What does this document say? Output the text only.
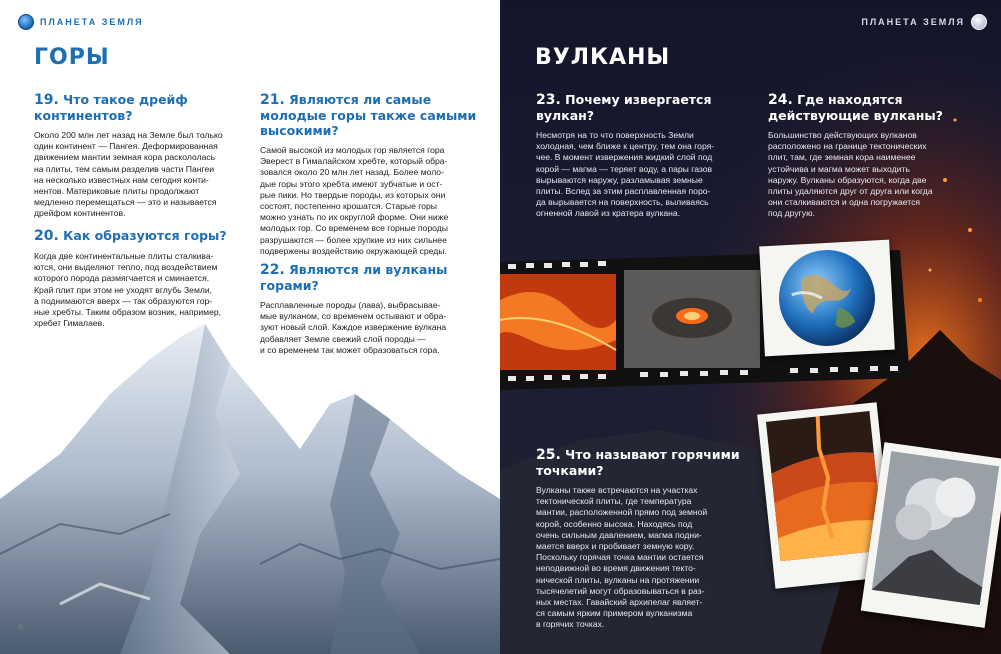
ПЛАНЕТА ЗЕМЛЯ
ГОРЫ

19. Что такое дрейф континентов?

Около 200 млн лет назад на Земле был только
один континент — Пангея. Деформированная
движением мантии земная кора раскололась
на плиты, тем самым разделив части Пангеи
на несколько известных нам сегодня конти-
нентов. Материковые плиты продолжают
медленно перемещаться — это и называется
дрейфом континентов.

20. Как образуются горы?

Когда две континентальные плиты сталкива-
ются, они выделяют тепло, под воздействием
которого порода размягчается и сминается.
Край плит при этом не уходят вглубь Земли,
а поднимаются вверх — так образуются гор-
ные хребты. Таким образом возник, например,
хребет Гималаев.

21. Являются ли самые молодые горы также самыми высокими?

Самой высокой из молодых гор является гора
Эверест в Гималайском хребте, который обра-
зовался около 20 млн лет назад. Более моло-
дые горы этого хребта имеют зубчатые и ост-
рые пики. Но твердые породы, из которых они
состоят, постепенно крошатся. Старые горы
можно узнать по их округлой форме. Они ниже
молодых гор. Со временем все горные породы
разрушаются — более хрупкие из них сильнее
подвержены воздействию окружающей среды.

22. Являются ли вулканы горами?

Расплавленные породы (лава), выбрасывае-
мые вулканом, со временем остывают и обра-
зуют новый слой. Каждое извержение вулкана
добавляет Земле свежий слой породы —
и со временем так может образоваться гора.
8
ВУЛКАНЫ

23. Почему извергается вулкан?

Несмотря на то что поверхность Земли
холодная, чем ближе к центру, тем она горя-
чее. В момент извержения жидкий слой под
корой — магма — теряет воду, а пары газов
вырываются наружу, разламывая земные
плиты. Вслед за этим расплавленная поро-
да вырывается на поверхность, выливаясь
огненной лавой из кратера вулкана.

24. Где находятся действующие вулканы?

Большинство действующих вулканов
расположено на границе тектонических
плит, там, где земная кора наименее
устойчива и магма может выходить
наружу. Вулканы образуются, когда две
плиты удаляются друг от друга или когда
они сталкиваются и одна погружается
под другую.

25. Что называют горячими точками?

Вулканы также встречаются на участках
тектонической плиты, где температура
мантии, расположенной прямо под земной
корой, особенно высока. Находясь под
очень сильным давлением, магма подни-
мается вверх и пробивает земную кору.
Поскольку горячая точка мантии остается
неподвижной во время движения текто-
нической плиты, вулканы на протяжении
тысячелетий могут образовываться в раз-
ных местах. Гавайский архипелаг являет-
ся самым ярким примером вулканизма
в горячих точках.
